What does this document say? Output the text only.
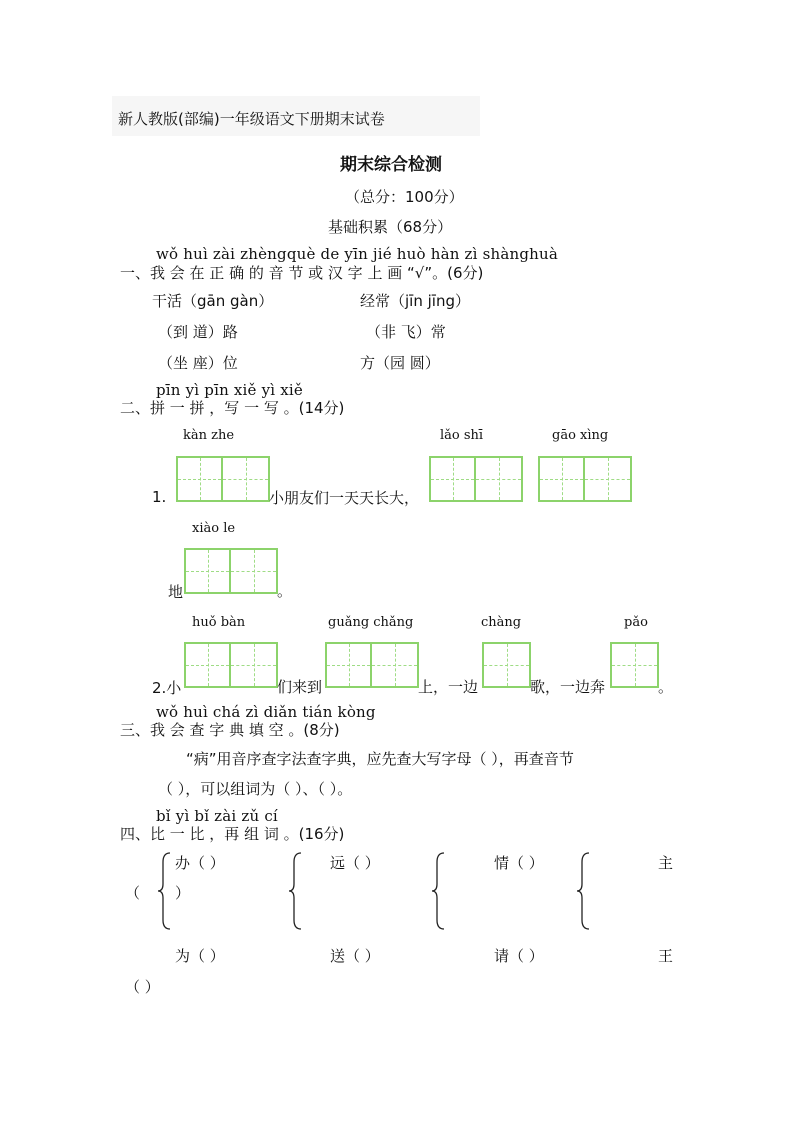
新人教版(部编)一年级语文下册期末试卷
期末综合检测
（总分：100分）
基础积累（68分）
wǒ huì zài zhèngquè de yīn jié huò hàn zì shànghuà
一、我 会 在 正 确 的 音 节 或 汉 字 上 画 “√”。(6分)
干活（gān gàn）	经常（jīn jīng）
（到 道）路	（非 飞）常
（坐 座）位	方（园 圆）
pīn yì pīn xiě yì xiě
二、拼 一 拼 ，写 一 写 。(14分)
kàn zhe	lǎo shī	gāo xìng
1.	小朋友们一天天长大，
xiào le
地	。
huǒ bàn	guǎng chǎng	chàng	pǎo
2.小	们来到	上，一边	歌，一边奔	。
wǒ huì chá zì diǎn tián kòng
三、我 会 查 字 典 填 空 。(8分)
“病”用音序查字法查字典，应先查大写字母（ ），再查音节
（ ），可以组词为（ ）、（ ）。
bǐ yì bǐ zài zǔ cí
四、比 一 比 ，再 组 词 。(16分)
办（ ）	远（ ）	情（ ）	主
（ ）
为（ ）	送（ ）	请（ ）	王
（ ）
